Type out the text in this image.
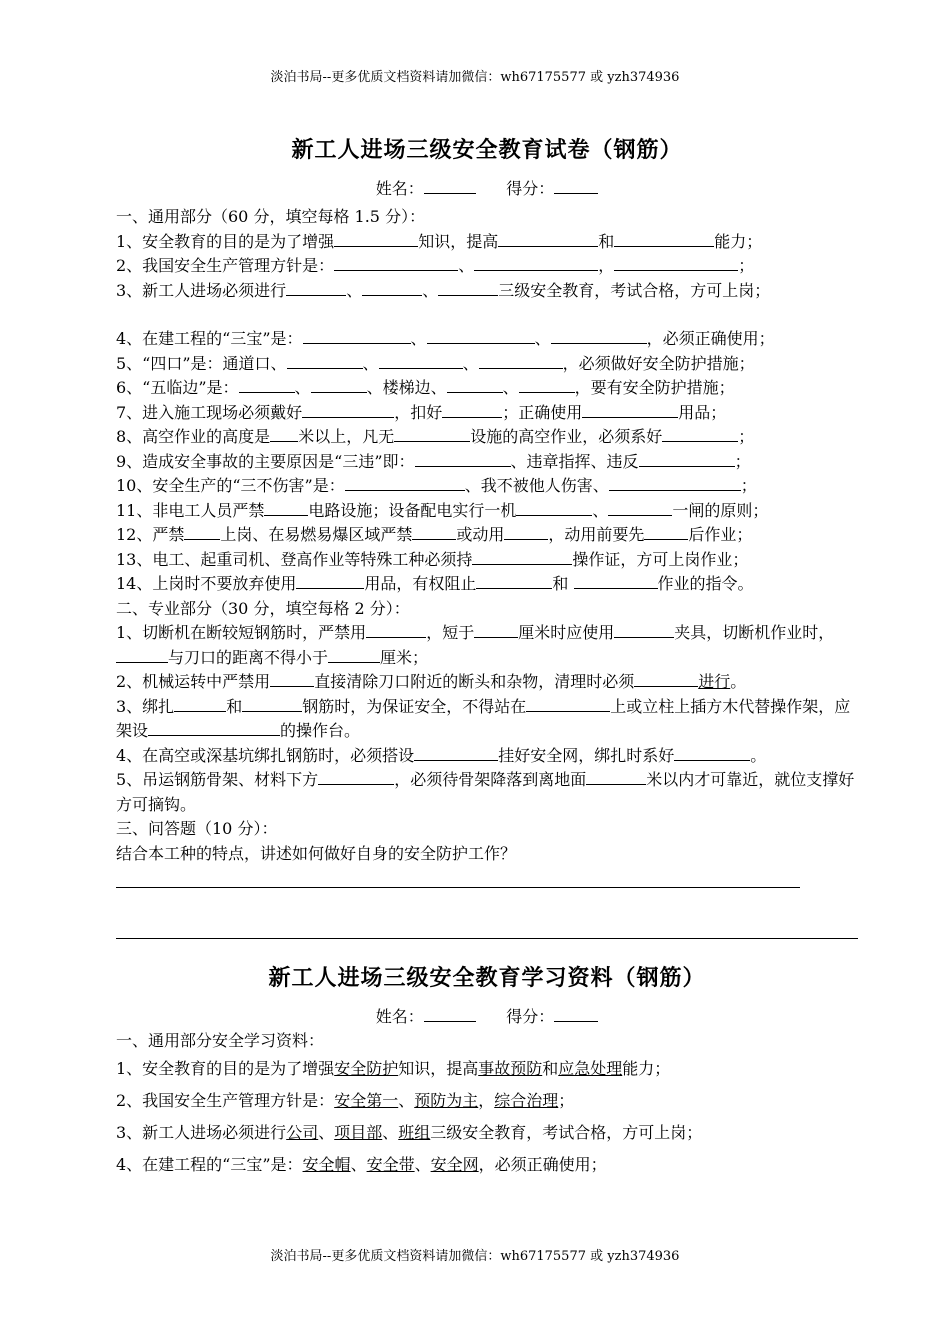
淡泊书局--更多优质文档资料请加微信：wh67175577 或 yzh374936
新工人进场三级安全教育试卷（钢筋）
姓名：	得分：
一、通用部分（60 分，填空每格 1.5 分）：
1、安全教育的目的是为了增强	知识，提高	和	能力；
2、我国安全生产管理方针是：	、	，	；
3、新工人进场必须进行	、	、	三级安全教育，考试合格，方可上岗；
4、在建工程的“三宝”是：	、	、	，必须正确使用；
5、“四口”是：通道口、	、	、	，必须做好安全防护措施；
6、“五临边”是：	、	、楼梯边、	、	，要有安全防护措施；
7、进入施工现场必须戴好	，扣好	；正确使用	用品；
8、高空作业的高度是 米以上，凡无	设施的高空作业，必须系好	；
9、造成安全事故的主要原因是“三违”即：	、违章指挥、违反	；
10、安全生产的“三不伤害”是：	、我不被他人伤害、	；
11、非电工人员严禁	电路设施；设备配电实行一机	、	一闸的原则；
12、严禁 上岗、在易燃易爆区域严禁	或动用	，动用前要先	后作业；
13、电工、起重司机、登高作业等特殊工种必须持	操作证，方可上岗作业；
14、上岗时不要放弃使用	用品，有权阻止	和	作业的指令。
二、专业部分（30 分，填空每格 2 分）：
1、切断机在断较短钢筋时，严禁用	，短于	厘米时应使用	夹具，切断机作业时，与刀口的距离不得小于	厘米；
2、机械运转中严禁用	直接清除刀口附近的断头和杂物，清理时必须	进行。
3、绑扎	和	钢筋时，为保证安全，不得站在	上或立柱上插方木代替操作架，应架设	的操作台。
4、在高空或深基坑绑扎钢筋时，必须搭设	挂好安全网，绑扎时系好	。
5、吊运钢筋骨架、材料下方	，必须待骨架降落到离地面	米以内才可靠近，就位支撑好方可摘钩。
三、问答题（10 分）：
结合本工种的特点，讲述如何做好自身的安全防护工作？
新工人进场三级安全教育学习资料（钢筋）
姓名：	得分：
一、通用部分安全学习资料：
1、安全教育的目的是为了增强安全防护知识，提高事故预防和应急处理能力；
2、我国安全生产管理方针是：安全第一、预防为主，综合治理；
3、新工人进场必须进行公司、项目部、班组三级安全教育，考试合格，方可上岗；
4、在建工程的“三宝”是：安全帽、安全带、安全网，必须正确使用；
淡泊书局--更多优质文档资料请加微信：wh67175577 或 yzh374936
